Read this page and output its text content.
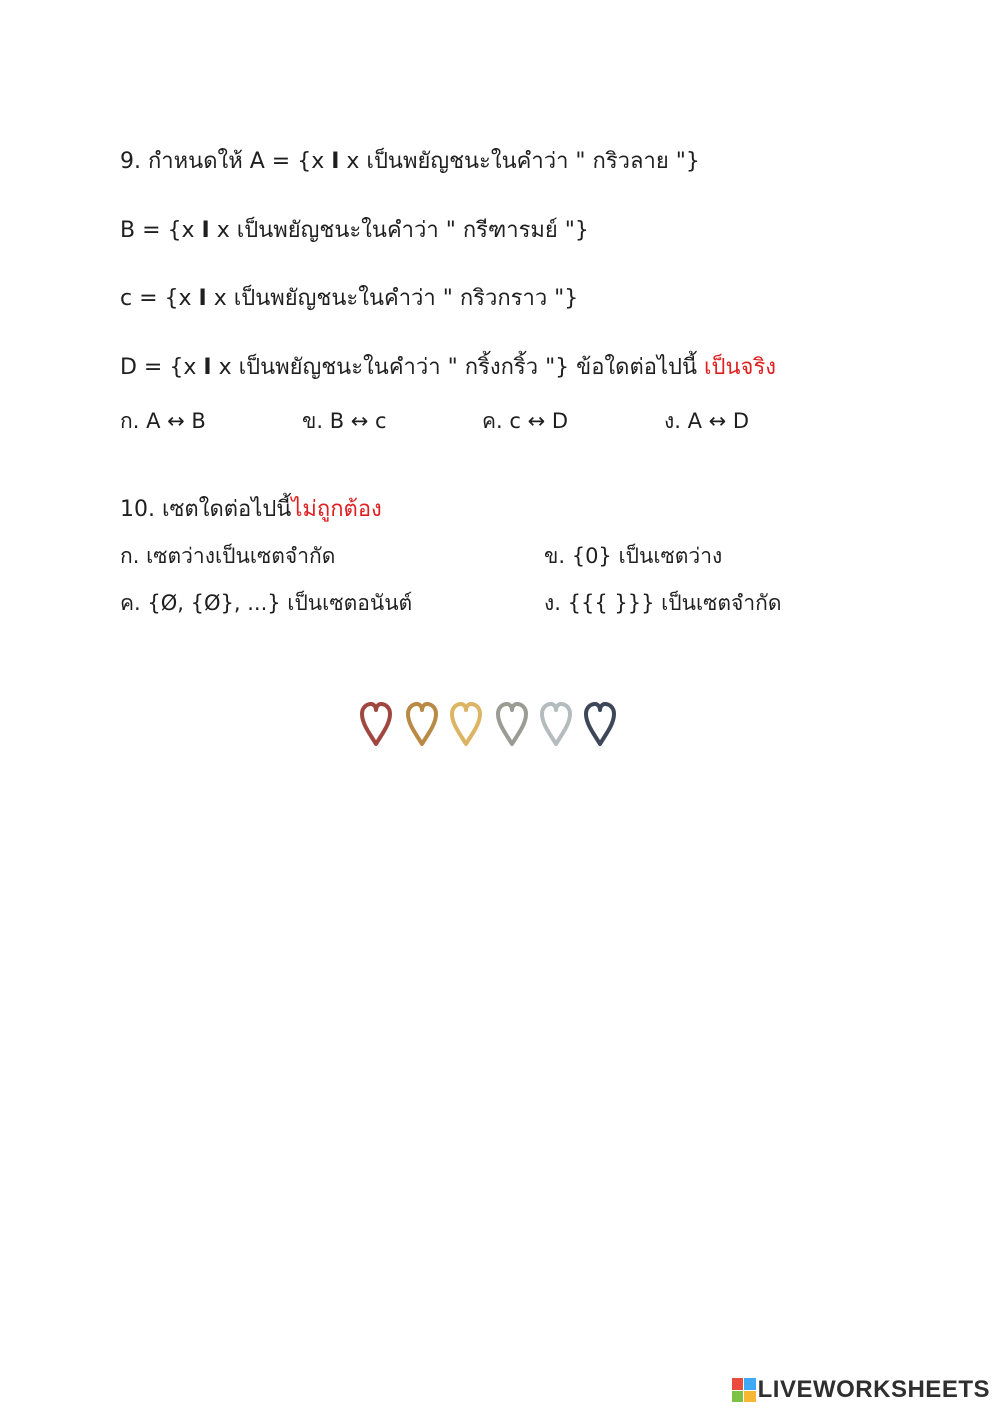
9. กำหนดให้ A = {x I x เป็นพยัญชนะในคำว่า " กริวลาย "}
B = {x I x เป็นพยัญชนะในคำว่า " กรีฑารมย์ "}
c = {x I x เป็นพยัญชนะในคำว่า " กริวกราว "}
D = {x I x เป็นพยัญชนะในคำว่า " กริ้งกริ้ว "} ข้อใดต่อไปนี้ เป็นจริง
ก. A ↔ B	ข. B ↔ c	ค. c ↔ D	ง. A ↔ D
10. เซตใดต่อไปนี้ไม่ถูกต้อง
ก. เซตว่างเป็นเซตจำกัด	ข. {0} เป็นเซตว่าง
ค. {Ø, {Ø}, ...} เป็นเซตอนันต์	ง. {{{ }}} เป็นเซตจำกัด
LIVEWORKSHEETS
